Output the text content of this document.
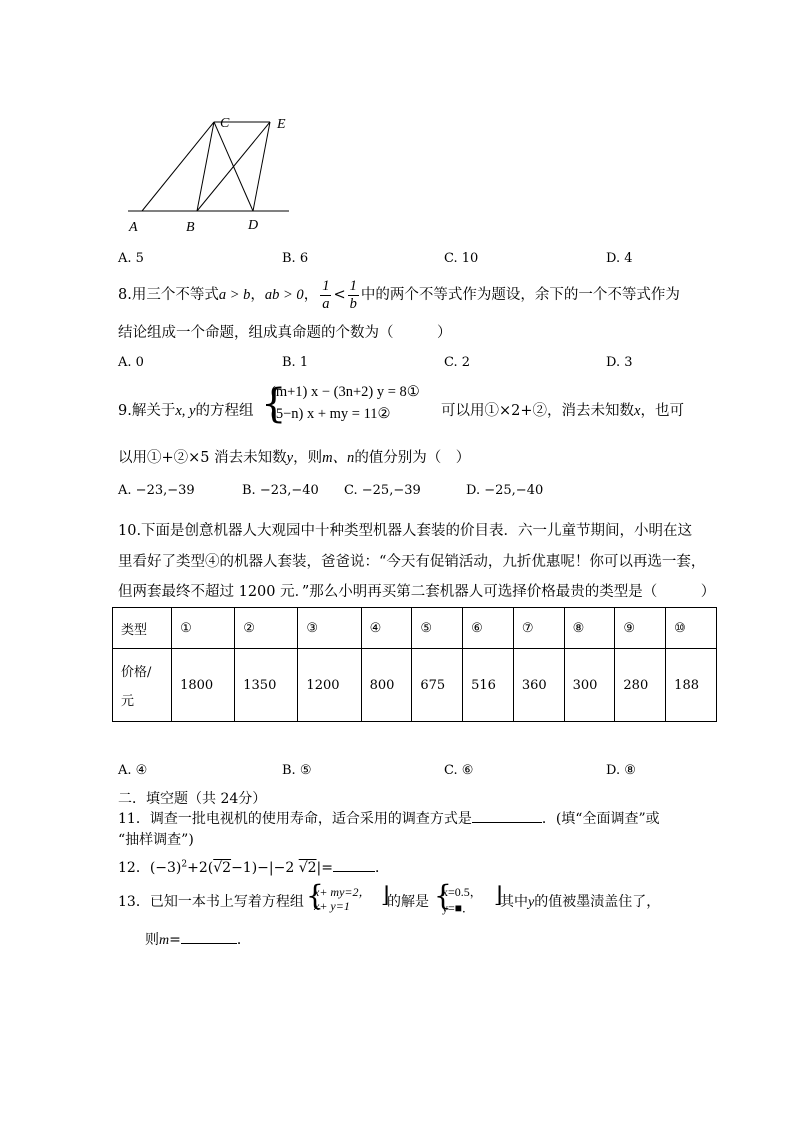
A	B
C
D
E
A. 5	B. 6	C. 10	D. 4
8.用三个不等式a > b，ab > 0， $\frac{1}{a} < \frac{1}{b}$ 中的两个不等式作为题设，余下的一个不等式作为
结论组成一个命题，组成真命题的个数为（　　　）
A. 0	B. 1	C. 2	D. 3
9.解关于x, y的方程组 {
(m+1) x − (3n+2) y = 8①
(5−n) x + my = 11②	可以用①×2+②，消去未知数x，也可
以用①+②×5 消去未知数y，则m、n的值分别为（　）
A. −23,−39	B. −23,−40 C. −25,−39	D. −25,−40
10.下面是创意机器人大观园中十种类型机器人套装的价目表．六一儿童节期间，小明在这
里看好了类型④的机器人套装，爸爸说：“今天有促销活动，九折优惠呢！你可以再选一套，
但两套最终不超过 1200 元．”那么小明再买第二套机器人可选择价格最贵的类型是（　　　）
类型	①	②	③	④	⑤	⑥	⑦	⑧	⑨	⑩

价格/
元	1800	1350	1200	800	675	516	360	300	280	188
A. ④	B. ⑤	C. ⑥	D. ⑧
二．填空题（共 24分）
11．调查一批电视机的使用寿命，适合采用的调查方式是	．(填“全面调查”或
“抽样调查”)
12．$(-3)^2+2(√2-1)-|-2$ √2|=	．
13．已知一本书上写着方程组 {
x+ my=2，
x+ y=1 ⌋
的解是 {
x=0.5，
y=■． ⌋
其中y的值被墨渍盖住了，
则m=	．
